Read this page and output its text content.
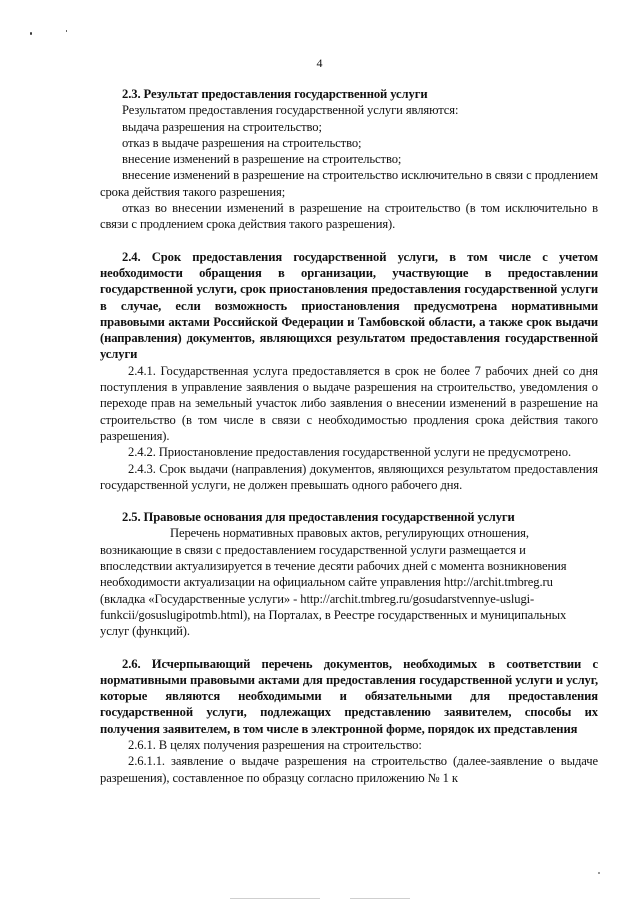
4

2.3. Результат предоставления государственной услуги

Результатом предоставления государственной услуги являются:

выдача разрешения на строительство;

отказ в выдаче разрешения на строительство;

внесение изменений в разрешение на строительство;

внесение изменений в разрешение на строительство исключительно в связи с продлением срока действия такого разрешения;

отказ во внесении изменений в разрешение на строительство (в том исключительно в связи с продлением срока действия такого разрешения).

2.4. Срок предоставления государственной услуги, в том числе с учетом необходимости обращения в организации, участвующие в предоставлении государственной услуги, срок приостановления предоставления государственной услуги в случае, если возможность приостановления предусмотрена нормативными правовыми актами Российской Федерации и Тамбовской области, а также срок выдачи (направления) документов, являющихся результатом предоставления государственной услуги

2.4.1. Государственная услуга предоставляется в срок не более 7 рабочих дней со дня поступления в управление заявления о выдаче разрешения на строительство, уведомления о переходе прав на земельный участок либо заявления о внесении изменений в разрешение на строительство (в том числе в связи с необходимостью продления срока действия такого разрешения).

2.4.2. Приостановление предоставления государственной услуги не предусмотрено.

2.4.3. Срок выдачи (направления) документов, являющихся результатом предоставления государственной услуги, не должен превышать одного рабочего дня.

2.5. Правовые основания для предоставления государственной услуги

Перечень нормативных правовых актов, регулирующих отношения, возникающие в связи с предоставлением государственной услуги размещается и впоследствии актуализируется в течение десяти рабочих дней с момента возникновения необходимости актуализации на официальном сайте управления http://archit.tmbreg.ru (вкладка «Государственные услуги» - http://archit.tmbreg.ru/gosudarstvennye-uslugi-funkcii/gosuslugipotmb.html), на Порталах, в Реестре государственных и муниципальных услуг (функций).

2.6. Исчерпывающий перечень документов, необходимых в соответствии с нормативными правовыми актами для предоставления государственной услуги и услуг, которые являются необходимыми и обязательными для предоставления государственной услуги, подлежащих представлению заявителем, способы их получения заявителем, в том числе в электронной форме, порядок их представления

2.6.1. В целях получения разрешения на строительство:

2.6.1.1. заявление о выдаче разрешения на строительство (далее-заявление о выдаче разрешения), составленное по образцу согласно приложению № 1 к
